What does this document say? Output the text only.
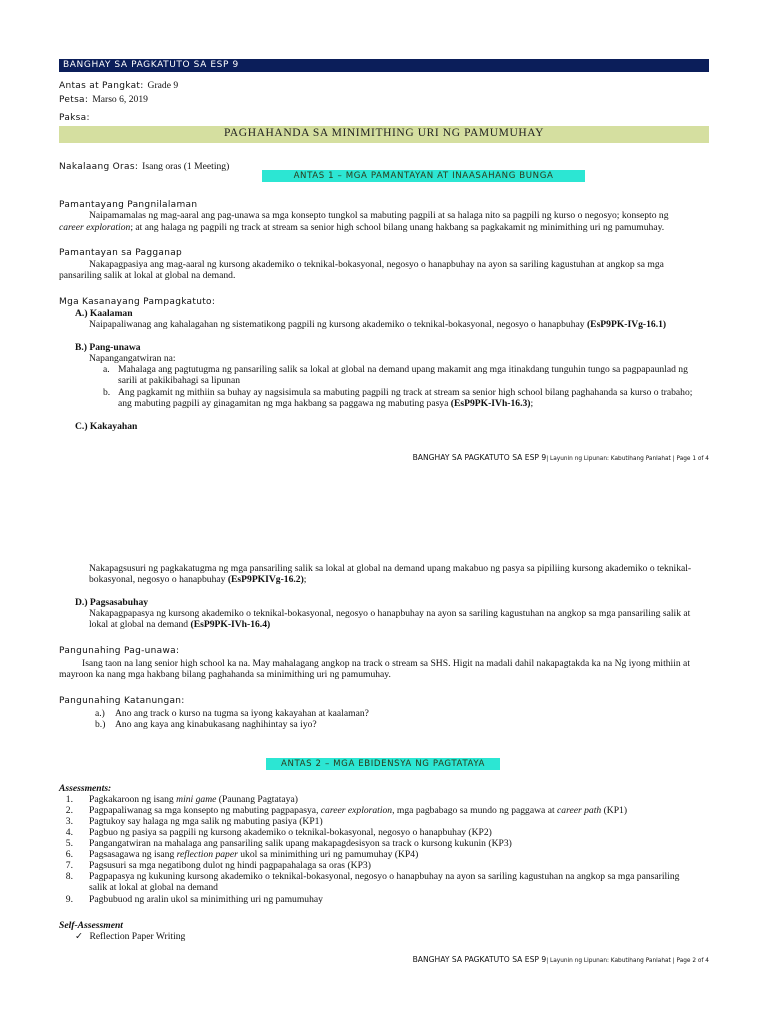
BANGHAY SA PAGKATUTO SA ESP 9
Antas at Pangkat: Grade 9
Petsa: Marso 6, 2019
Paksa:
PAGHAHANDA SA MINIMITHING URI NG PAMUMUHAY
Nakalaang Oras: Isang oras (1 Meeting)
ANTAS 1 – MGA PAMANTAYAN AT INAASAHANG BUNGA
Pamantayang Pangnilalaman
Naipamamalas ng mag-aaral ang pag-unawa sa mga konsepto tungkol sa mabuting pagpili at sa halaga nito sa pagpili ng kurso o negosyo; konsepto ng
career exploration; at ang halaga ng pagpili ng track at stream sa senior high school bilang unang hakbang sa pagkakamit ng minimithing uri ng pamumuhay.
Pamantayan sa Pagganap
Nakapagpasiya ang mag-aaral ng kursong akademiko o teknikal-bokasyonal, negosyo o hanapbuhay na ayon sa sariling kagustuhan at angkop sa mga
pansariling salik at lokal at global na demand.
Mga Kasanayang Pampagkatuto:
A.) Kaalaman
Naipapaliwanag ang kahalagahan ng sistematikong pagpili ng kursong akademiko o teknikal-bokasyonal, negosyo o hanapbuhay (EsP9PK-IVg-16.1)
B.) Pang-unawa
Napangangatwiran na:
a. Mahalaga ang pagtutugma ng pansariling salik sa lokal at global na demand upang makamit ang mga itinakdang tunguhin tungo sa pagpapaunlad ng
sarili at pakikibahagi sa lipunan
b. Ang pagkamit ng mithiin sa buhay ay nagsisimula sa mabuting pagpili ng track at stream sa senior high school bilang paghahanda sa kurso o trabaho;
ang mabuting pagpili ay ginagamitan ng mga hakbang sa paggawa ng mabuting pasya (EsP9PK-IVh-16.3);
C.) Kakayahan
BANGHAY SA PAGKATUTO SA ESP 9| Layunin ng Lipunan: Kabutihang Panlahat | Page 1 of 4
Nakapagsusuri ng pagkakatugma ng mga pansariling salik sa lokal at global na demand upang makabuo ng pasya sa pipiliing kursong akademiko o teknikal-
bokasyonal, negosyo o hanapbuhay (EsP9PKIVg-16.2);
D.) Pagsasabuhay
Nakapagpapasya ng kursong akademiko o teknikal-bokasyonal, negosyo o hanapbuhay na ayon sa sariling kagustuhan na angkop sa mga pansariling salik at
lokal at global na demand (EsP9PK-IVh-16.4)
Pangunahing Pag-unawa:
Isang taon na lang senior high school ka na. May mahalagang angkop na track o stream sa SHS. Higit na madali dahil nakapagtakda ka na Ng iyong mithiin at
mayroon ka nang mga hakbang bilang paghahanda sa minimithing uri ng pamumuhay.
Pangunahing Katanungan:
a.) Ano ang track o kurso na tugma sa iyong kakayahan at kaalaman?
b.) Ano ang kaya ang kinabukasang naghihintay sa iyo?
ANTAS 2 – MGA EBIDENSYA NG PAGTATAYA
Assessments:
1. Pagkakaroon ng isang mini game (Paunang Pagtataya)
2. Pagpapaliwanag sa mga konsepto ng mabuting pagpapasya, career exploration, mga pagbabago sa mundo ng paggawa at career path (KP1)
3. Pagtukoy say halaga ng mga salik ng mabuting pasiya (KP1)
4. Pagbuo ng pasiya sa pagpili ng kursong akademiko o teknikal-bokasyonal, negosyo o hanapbuhay (KP2)
5. Pangangatwiran na mahalaga ang pansariling salik upang makapagdesisyon sa track o kursong kukunin (KP3)
6. Pagsasagawa ng isang reflection paper ukol sa minimithing uri ng pamumuhay (KP4)
7. Pagsusuri sa mga negatibong dulot ng hindi pagpapahalaga sa oras (KP3)
8. Pagpapasya ng kukuning kursong akademiko o teknikal-bokasyonal, negosyo o hanapbuhay na ayon sa sariling kagustuhan na angkop sa mga pansariling
salik at lokal at global na demand
9. Pagbubuod ng aralin ukol sa minimithing uri ng pamumuhay
Self-Assessment
✓ Reflection Paper Writing
BANGHAY SA PAGKATUTO SA ESP 9| Layunin ng Lipunan: Kabutihang Panlahat | Page 2 of 4
